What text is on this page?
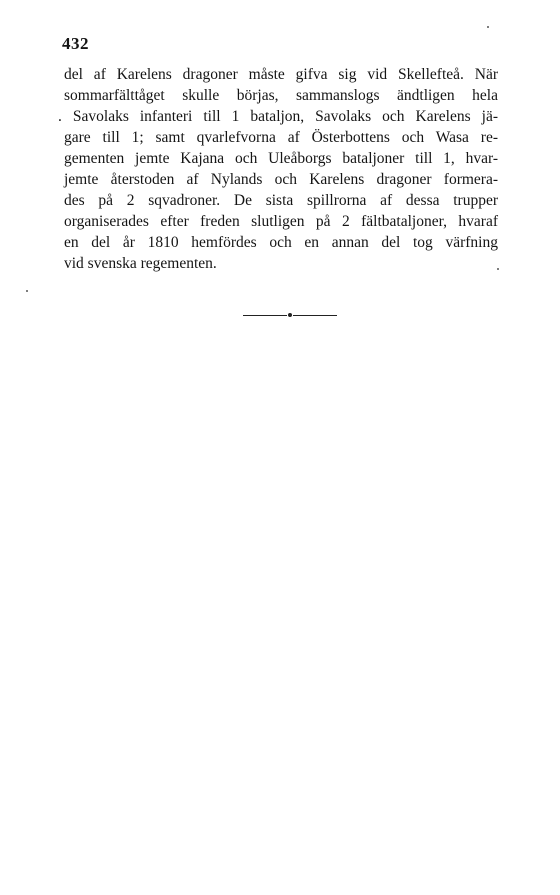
432
del af Karelens dragoner måste gifva sig vid Skellefteå. När
sommarfälttåget skulle börjas, sammanslogs ändtligen hela
. Savolaks infanteri till 1 bataljon, Savolaks och Karelens jä-
gare till 1; samt qvarlefvorna af Österbottens och Wasa re-
gementen jemte Kajana och Uleåborgs bataljoner till 1, hvar-
jemte återstoden af Nylands och Karelens dragoner formera-
des på 2 sqvadroner. De sista spillrorna af dessa trupper
organiserades efter freden slutligen på 2 fältbataljoner, hvaraf
en del år 1810 hemfördes och en annan del tog värfning
vid svenska regementen.
